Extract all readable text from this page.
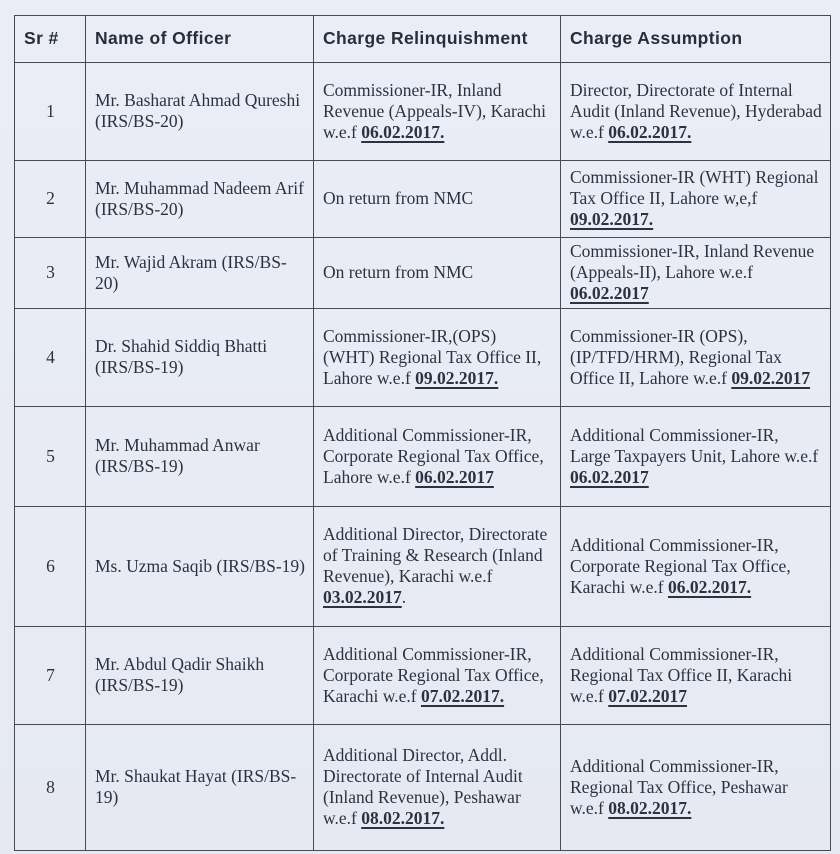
Sr #	Name of Officer	Charge Relinquishment	Charge Assumption
1	Mr. Basharat Ahmad Qureshi (IRS/BS-20)	Commissioner-IR, Inland Revenue (Appeals-IV), Karachi w.e.f 06.02.2017.	Director, Directorate of Internal Audit (Inland Revenue), Hyderabad w.e.f 06.02.2017.
2	Mr. Muhammad Nadeem Arif (IRS/BS-20)	On return from NMC	Commissioner-IR (WHT) Regional Tax Office II, Lahore w,e,f 09.02.2017.
3	Mr. Wajid Akram (IRS/BS-20)	On return from NMC	Commissioner-IR, Inland Revenue (Appeals-II), Lahore w.e.f 06.02.2017
4	Dr. Shahid Siddiq Bhatti (IRS/BS-19)	Commissioner-IR,(OPS) (WHT) Regional Tax Office II, Lahore w.e.f 09.02.2017.	Commissioner-IR (OPS), (IP/TFD/HRM), Regional Tax Office II, Lahore w.e.f 09.02.2017
5	Mr. Muhammad Anwar (IRS/BS-19)	Additional Commissioner-IR, Corporate Regional Tax Office, Lahore w.e.f 06.02.2017	Additional Commissioner-IR, Large Taxpayers Unit, Lahore w.e.f 06.02.2017
6	Ms. Uzma Saqib (IRS/BS-19)	Additional Director, Directorate of Training & Research (Inland Revenue), Karachi w.e.f 03.02.2017.	Additional Commissioner-IR, Corporate Regional Tax Office, Karachi w.e.f 06.02.2017.
7	Mr. Abdul Qadir Shaikh (IRS/BS-19)	Additional Commissioner-IR, Corporate Regional Tax Office, Karachi w.e.f 07.02.2017.	Additional Commissioner-IR, Regional Tax Office II, Karachi w.e.f 07.02.2017
8	Mr. Shaukat Hayat (IRS/BS-19)	Additional Director, Addl. Directorate of Internal Audit (Inland Revenue), Peshawar w.e.f 08.02.2017.	Additional Commissioner-IR, Regional Tax Office, Peshawar w.e.f 08.02.2017.
